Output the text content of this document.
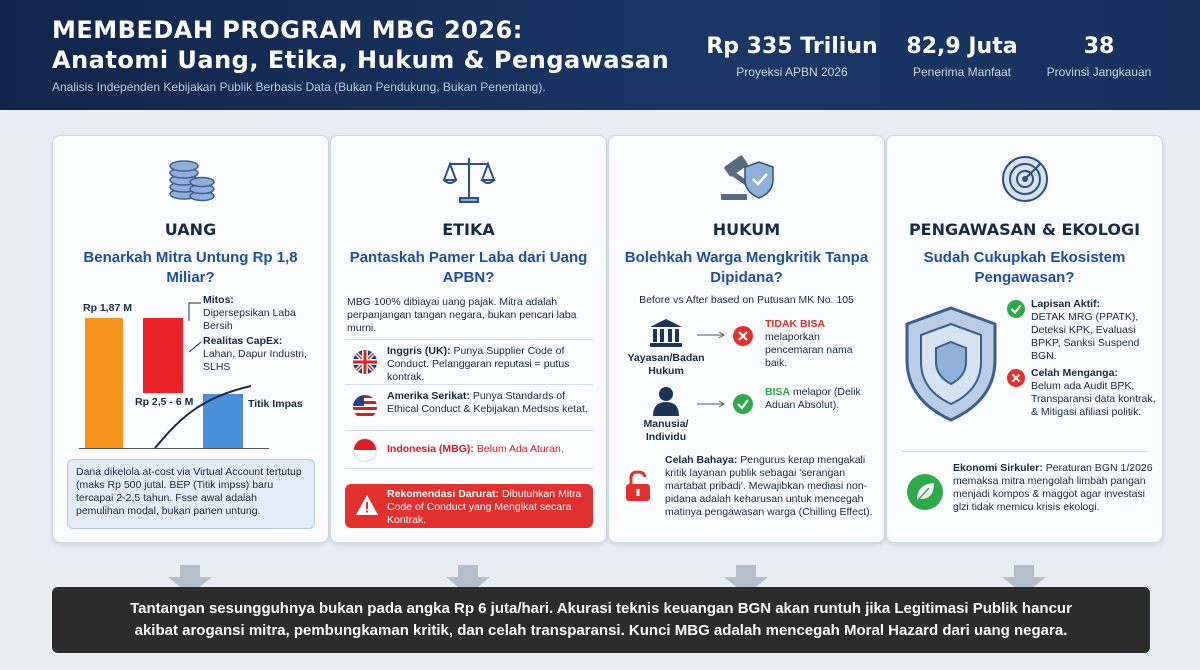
MEMBEDAH PROGRAM MBG 2026:
Anatomi Uang, Etika, Hukum & Pengawasan
Analisis Independen Kebijakan Publik Berbasis Data (Bukan Pendukung, Bukan Penentang).
Rp 335 Triliun
Proyeksi APBN 2026
82,9 Juta
Penerima Manfaat
38
Provinsi Jangkauan
UANG
Benarkah Mitra Untung Rp 1,8 Miliar?
Rp 1,87 M
Rp 2,5 - 6 M
Mitos:
Dipersepsikan Laba Bersih
Realitas CapEx:
Lahan, Dapur Industri, SLHS
Titik Impas
Dana dikelola at-cost via Virtual Account tertutup (maks Rp 500 jutal. BEP (Titik impss) baru tercapai 2-2,5 tahun. Fsse awal adalah pemulihan modal, bukan panen untung.
ETIKA
Pantaskah Pamer Laba dari Uang APBN?
MBG 100% dibiayai uang pajak. Mitra adalah perpanjangan tangan negara, bukan pencari laba murni.
Inggris (UK): Punya Supplier Code of Conduct. Pelanggaran reputasi = putus kontrak.
Amerika Serikat: Punya Standards of Ethical Conduct & Kebijakan Medsos ketat.
Indonesia (MBG): Belum Ada Aturan.
Rekomendasi Darurat: Dibutuhkan Mitra Code of Conduct yang Mengikat secara Kontrak.
HUKUM
Bolehkah Warga Mengkritik Tanpa Dipidana?
Before vs After based on Putusan MK No. 105
Yayasan/Badan Hukum
TIDAK BISA
melaporkan pencemaran nama baik.
Manusia/ Individu
BISA melapor (Delik Aduan Absolut).
Celah Bahaya: Pengurus kerap mengakali kritik layanan publik sebagai 'serangan martabat pribadi'. Mewajibkan mediasi non-pidana adalah keharusan untuk mencegah matinya pengawasan warga (Chilling Effect).
PENGAWASAN & EKOLOGI
Sudah Cukupkah Ekosistem Pengawasan?
Lapisan Aktif:
DETAK MRG (PPATK), Deteksi KPK, Evaluasi BPKP, Sanksi Suspend BGN.
Celah Menganga:
Belum ada Audit BPK, Transparansi data kontrak, & Mitigasi afiliasi politik.
Ekonomi Sirkuler: Peraturan BGN 1/2026 memaksa mitra mengolah limbah pangan menjadi kompos & maggot agar investasi glzi tidak memicu krisis ekologi.
Tantangan sesungguhnya bukan pada angka Rp 6 juta/hari. Akurasi teknis keuangan BGN akan runtuh jika Legitimasi Publik hancur
akibat arogansi mitra, pembungkaman kritik, dan celah transparansi. Kunci MBG adalah mencegah Moral Hazard dari uang negara.
